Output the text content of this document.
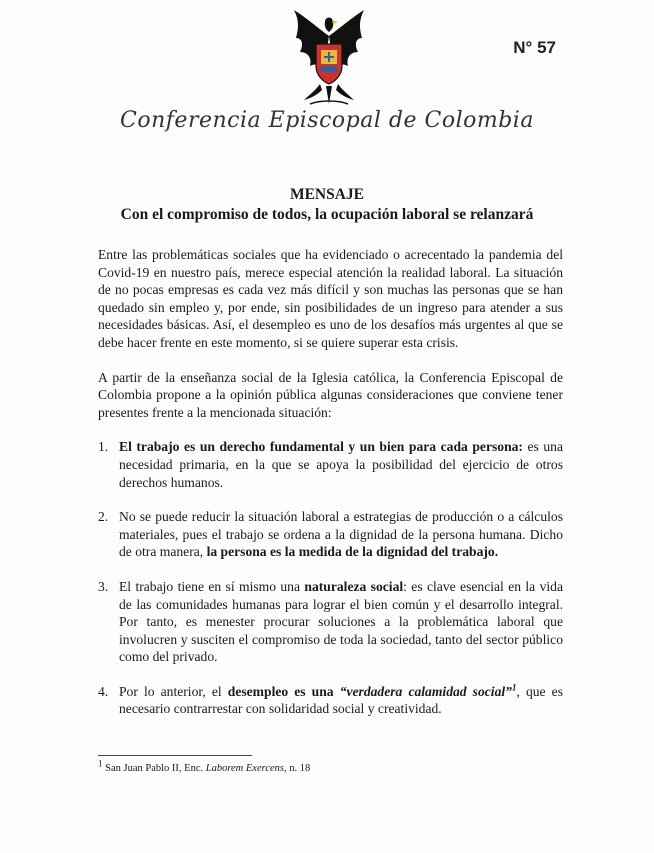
N° 57
Conferencia Episcopal de Colombia
MENSAJE
Con el compromiso de todos, la ocupación laboral se relanzará

Entre las problemáticas sociales que ha evidenciado o acrecentado la pandemia del Covid-19 en nuestro país, merece especial atención la realidad laboral. La situación de no pocas empresas es cada vez más difícil y son muchas las personas que se han quedado sin empleo y, por ende, sin posibilidades de un ingreso para atender a sus necesidades básicas. Así, el desempleo es uno de los desafíos más urgentes al que se debe hacer frente en este momento, si se quiere superar esta crisis.

A partir de la enseñanza social de la Iglesia católica, la Conferencia Episcopal de Colombia propone a la opinión pública algunas consideraciones que conviene tener presentes frente a la mencionada situación:

1. El trabajo es un derecho fundamental y un bien para cada persona: es una necesidad primaria, en la que se apoya la posibilidad del ejercicio de otros derechos humanos.
2. No se puede reducir la situación laboral a estrategias de producción o a cálculos materiales, pues el trabajo se ordena a la dignidad de la persona humana. Dicho de otra manera, la persona es la medida de la dignidad del trabajo.
3. El trabajo tiene en sí mismo una naturaleza social: es clave esencial en la vida de las comunidades humanas para lograr el bien común y el desarrollo integral. Por tanto, es menester procurar soluciones a la problemática laboral que involucren y susciten el compromiso de toda la sociedad, tanto del sector público como del privado.
4. Por lo anterior, el desempleo es una “verdadera calamidad social”$^1$, que es necesario contrarrestar con solidaridad social y creatividad.
$^1$ San Juan Pablo II, Enc. Laborem Exercens, n. 18
